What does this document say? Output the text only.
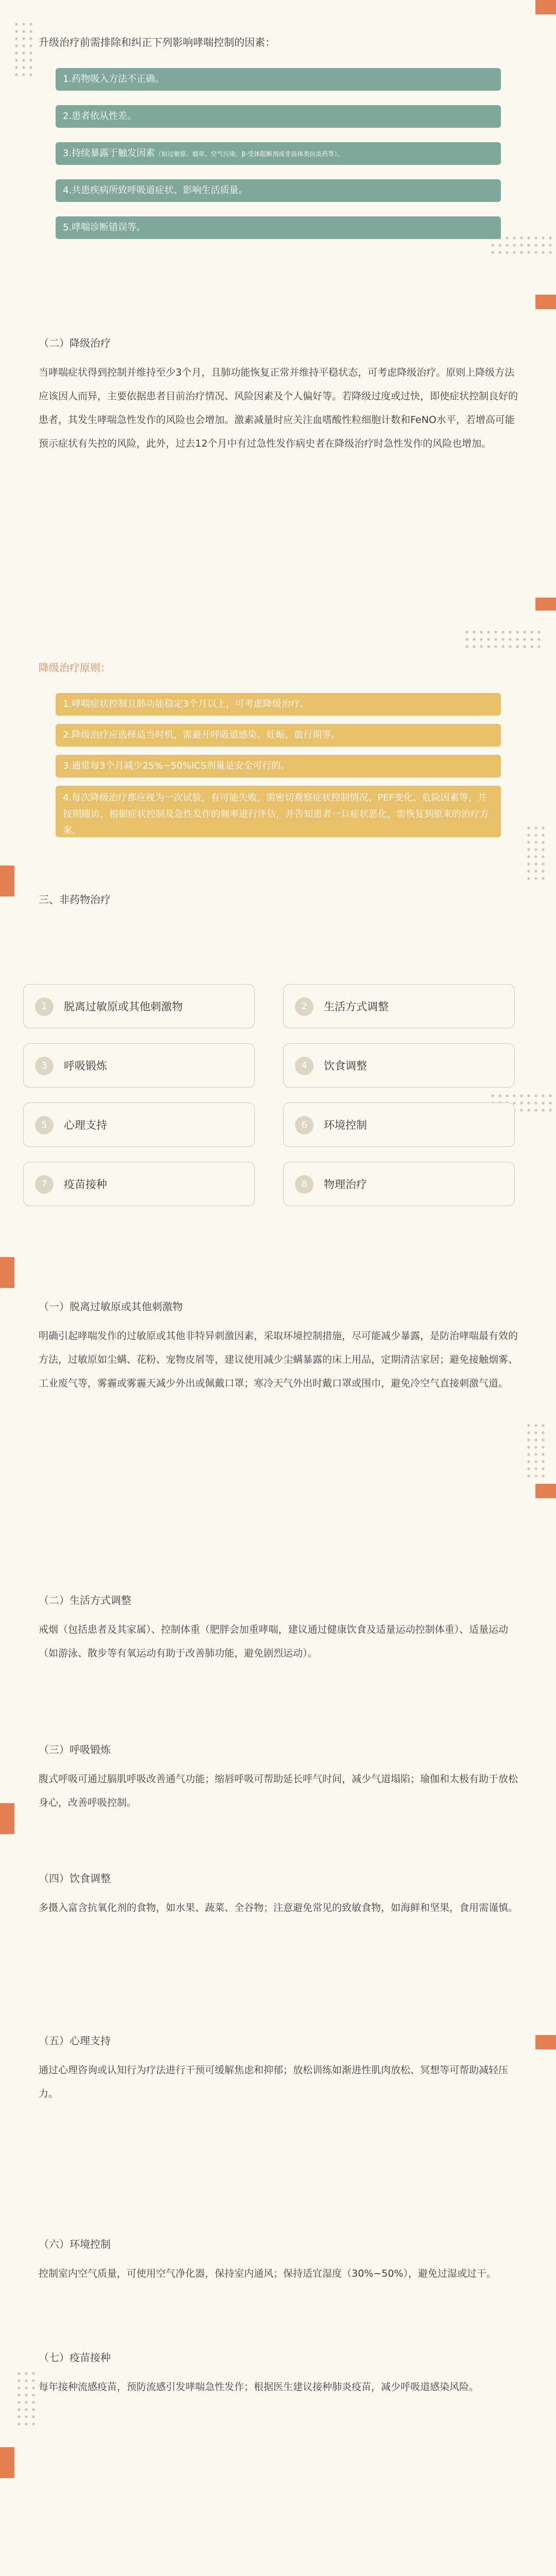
升级治疗前需排除和纠正下列影响哮喘控制的因素：
1.药物吸入方法不正确。
2.患者依从性差。
3.持续暴露于触发因素（如过敏原、烟草、空气污染、β-受体阻断剂或非甾体类抗炎药等）。
4.共患疾病所致呼吸道症状、影响生活质量。
5.哮喘诊断错误等。
（二）降级治疗
当哮喘症状得到控制并维持至少3个月，且肺功能恢复正常并维持平稳状态，可考虑降级治疗。原则上降级方法应该因人而异，主要依据患者目前治疗情况、风险因素及个人偏好等。若降级过度或过快，即使症状控制良好的患者，其发生哮喘急性发作的风险也会增加。激素减量时应关注血嗜酸性粒细胞计数和FeNO水平，若增高可能预示症状有失控的风险，此外，过去12个月中有过急性发作病史者在降级治疗时急性发作的风险也增加。
降级治疗原则：
1.哮喘症状控制且肺功能稳定3个月以上，可考虑降级治疗。
2.降级治疗应选择适当时机，需避开呼吸道感染、妊娠、旅行期等。
3.通常每3个月减少25%~50%ICS剂量是安全可行的。
4.每次降级治疗都应视为一次试验，有可能失败，需密切观察症状控制情况、PEF变化、危险因素等，并按期随访，根据症状控制及急性发作的频率进行评估，并告知患者一旦症状恶化，需恢复到原来的治疗方案。
三、非药物治疗
1	脱离过敏原或其他刺激物	2	生活方式调整
3	呼吸锻炼	4	饮食调整
5	心理支持	6	环境控制
7	疫苗接种	8	物理治疗
（一）脱离过敏原或其他刺激物
明确引起哮喘发作的过敏原或其他非特异刺激因素，采取环境控制措施，尽可能减少暴露，是防治哮喘最有效的方法，过敏原如尘螨、花粉、宠物皮屑等，建议使用减少尘螨暴露的床上用品，定期清洁家居；避免接触烟雾、工业废气等，雾霾或雾霾天减少外出或佩戴口罩；寒冷天气外出时戴口罩或围巾，避免冷空气直接刺激气道。
（二）生活方式调整
戒烟（包括患者及其家属）、控制体重（肥胖会加重哮喘，建议通过健康饮食及适量运动控制体重）、适量运动（如游泳、散步等有氧运动有助于改善肺功能，避免剧烈运动）。
（三）呼吸锻炼
腹式呼吸可通过膈肌呼吸改善通气功能；缩唇呼吸可帮助延长呼气时间，减少气道塌陷；瑜伽和太极有助于放松身心，改善呼吸控制。
（四）饮食调整
多摄入富含抗氧化剂的食物，如水果、蔬菜、全谷物；注意避免常见的致敏食物，如海鲜和坚果，食用需谨慎。
（五）心理支持
通过心理咨询或认知行为疗法进行干预可缓解焦虑和抑郁；放松训练如渐进性肌肉放松、冥想等可帮助减轻压力。
（六）环境控制
控制室内空气质量，可使用空气净化器，保持室内通风；保持适宜湿度（30%~50%），避免过湿或过干。
（七）疫苗接种
每年接种流感疫苗，预防流感引发哮喘急性发作；根据医生建议接种肺炎疫苗，减少呼吸道感染风险。
